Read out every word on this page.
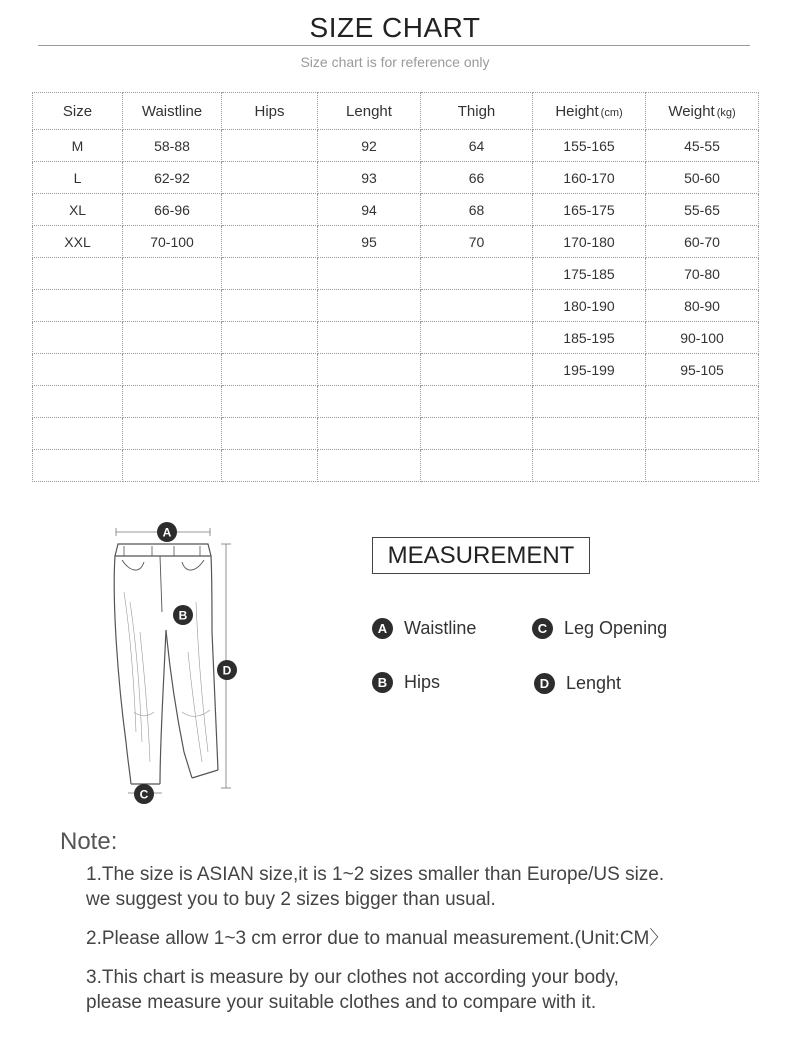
SIZE CHART
Size chart is for reference only
Size	Waistline	Hips	Lenght	Thigh	Height (cm)	Weight (kg)
M	58-88		92	64	155-165	45-55
L	62-92		93	66	160-170	50-60
XL	66-96		94	68	165-175	55-65
XXL	70-100		95	70	170-180	60-70
					175-185	70-80
					180-190	80-90
					185-195	90-100
					195-199	95-105

A
B
C
D
MEASUREMENT
A Waistline	C Leg Opening
B Hips	D Lenght
Note:
1.The size is ASIAN size,it is 1~2 sizes smaller than Europe/US size.
we suggest you to buy 2 sizes bigger than usual.
2.Please allow 1~3 cm error due to manual measurement.(Unit:CM〉
3.This chart is measure by our clothes not according your body,
please measure your suitable clothes and to compare with it.
